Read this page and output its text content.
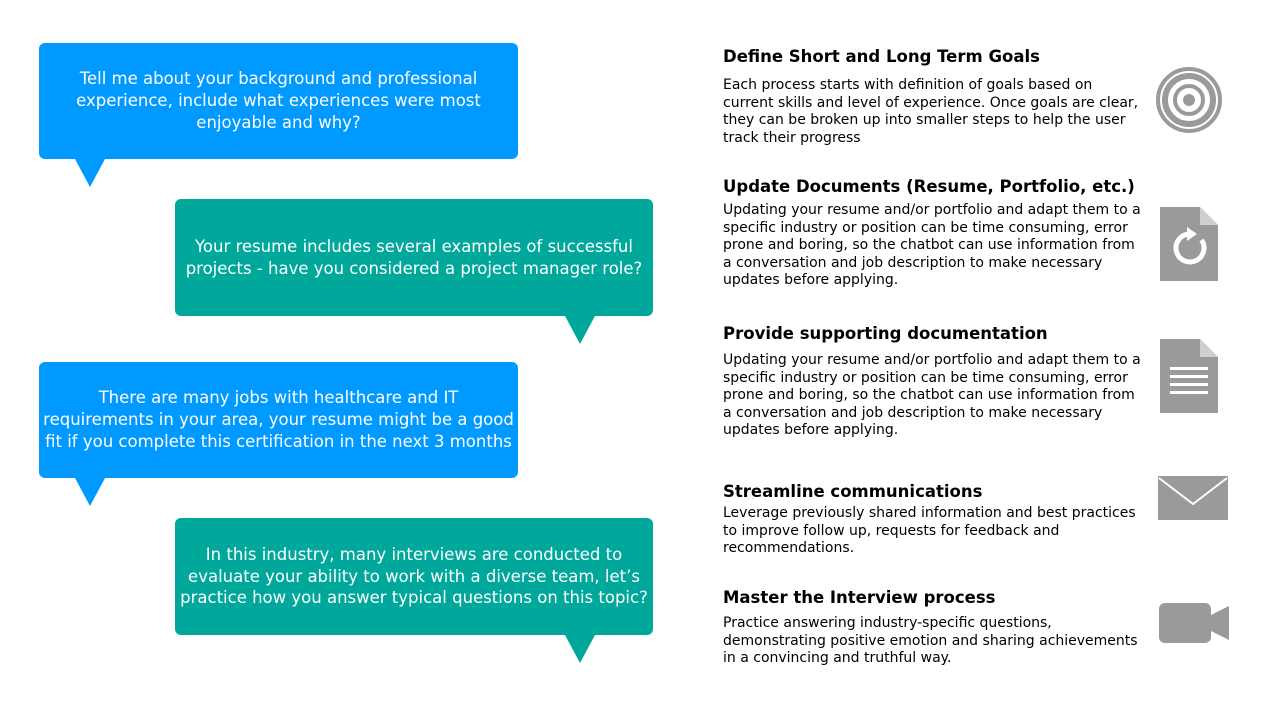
Tell me about your background and professional experience, include what experiences were most enjoyable and why?
Your resume includes several examples of successful projects - have you considered a project manager role?
There are many jobs with healthcare and IT requirements in your area, your resume might be a good fit if you complete this certification in the next 3 months
In this industry, many interviews are conducted to evaluate your ability to work with a diverse team, let’s practice how you answer typical questions on this topic?
Define Short and Long Term Goals

Each process starts with definition of goals based on current skills and level of experience. Once goals are clear, they can be broken up into smaller steps to help the user track their progress

Update Documents (Resume, Portfolio, etc.)

Updating your resume and/or portfolio and adapt them to a specific industry or position can be time consuming, error prone and boring, so the chatbot can use information from a conversation and job description to make necessary updates before applying.

Provide supporting documentation

Updating your resume and/or portfolio and adapt them to a specific industry or position can be time consuming, error prone and boring, so the chatbot can use information from a conversation and job description to make necessary updates before applying.

Streamline communications

Leverage previously shared information and best practices to improve follow up, requests for feedback and recommendations.

Master the Interview process

Practice answering industry-specific questions, demonstrating positive emotion and sharing achievements in a convincing and truthful way.
